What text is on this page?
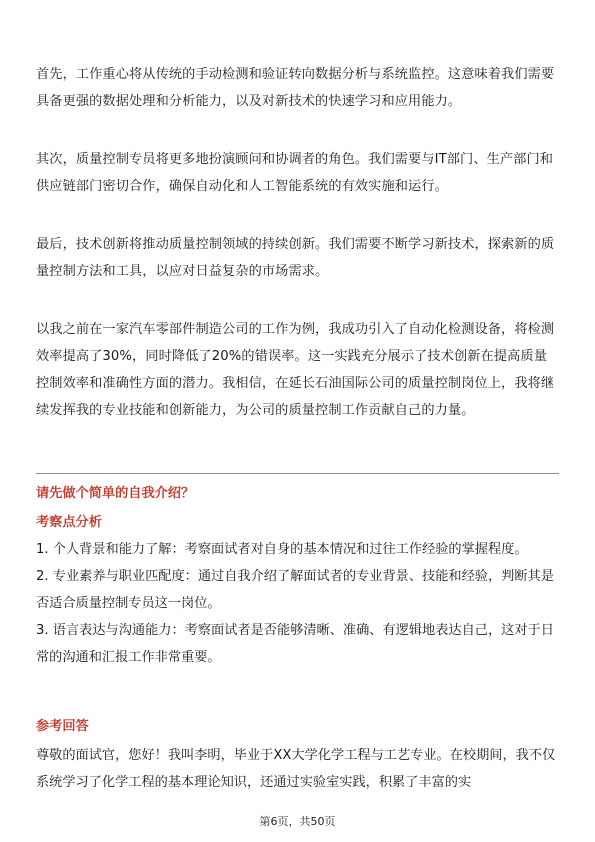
首先，工作重心将从传统的手动检测和验证转向数据分析与系统监控。这意味着我们需要具备更强的数据处理和分析能力，以及对新技术的快速学习和应用能力。

其次，质量控制专员将更多地扮演顾问和协调者的角色。我们需要与IT部门、生产部门和供应链部门密切合作，确保自动化和人工智能系统的有效实施和运行。

最后，技术创新将推动质量控制领域的持续创新。我们需要不断学习新技术，探索新的质量控制方法和工具，以应对日益复杂的市场需求。

以我之前在一家汽车零部件制造公司的工作为例，我成功引入了自动化检测设备，将检测效率提高了30%，同时降低了20%的错误率。这一实践充分展示了技术创新在提高质量控制效率和准确性方面的潜力。我相信，在延长石油国际公司的质量控制岗位上，我将继续发挥我的专业技能和创新能力，为公司的质量控制工作贡献自己的力量。

请先做个简单的自我介绍？

考察点分析

1. 个人背景和能力了解：考察面试者对自身的基本情况和过往工作经验的掌握程度。
2. 专业素养与职业匹配度：通过自我介绍了解面试者的专业背景、技能和经验，判断其是否适合质量控制专员这一岗位。
3. 语言表达与沟通能力：考察面试者是否能够清晰、准确、有逻辑地表达自己，这对于日常的沟通和汇报工作非常重要。

参考回答

尊敬的面试官，您好！我叫李明，毕业于XX大学化学工程与工艺专业。在校期间，我不仅系统学习了化学工程的基本理论知识，还通过实验室实践，积累了丰富的实

第6页，共50页
